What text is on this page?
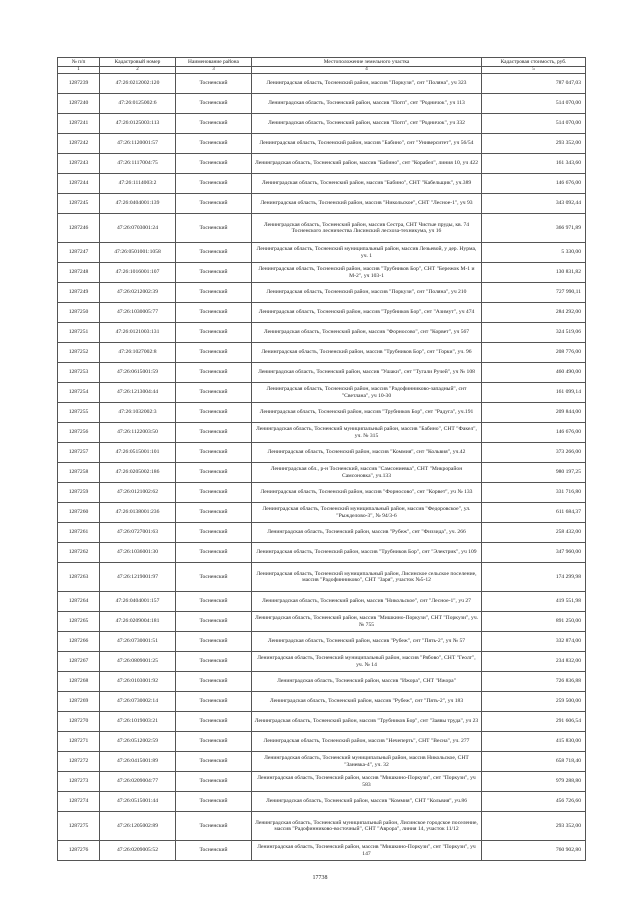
№ п/п	Кадастровый номер	Наименование района	Местоположение земельного участка	Кадастровая стоимость, руб.
1	2	3	4	5
1287239	47:26:0212002:120	Тосненский	Ленинградская область, Тосненский район, массив "Поркузи", снт "Поляна", уч 323	787 047,03
1287240	47:26:0125002:6	Тосненский	Ленинградская область, Тосненский район, массив "Погп", снт "Родничок", уч 113	514 070,00
1287241	47:26:0125003:113	Тосненский	Ленинградская область, Тосненский район, массив "Погп", снт "Родничок", уч 332	514 070,00
1287242	47:26:1120001:57	Тосненский	Ленинградская область, Тосненский район, массив "Бабино", снт "Университет", уч 56/54	293 352,00
1287243	47:26:1117004:75	Тосненский	Ленинградская область, Тосненский район, массив "Бабино", снт "Корабел", линия 10, уч 422	161 343,60
1287244	47:26:1114003:2	Тосненский	Ленинградская область, Тосненский район, массив "Бабино", СНТ "Кабельщик", уч.389	146 676,00
1287245	47:26:0404001:139	Тосненский	Ленинградская область, Тосненский район, массив "Никольское", СНТ "Лесное-1", уч 93	343 092,44
1287246	47:26:0703001:24	Тосненский	Ленинградская область, Тосненский район, массив Сестра, СНТ Чистые пруды, кв. 74 Тосненского лесничества Лисинский лесхоза-техникума, уч 16	366 971,89
1287247	47:26:0501001:1058	Тосненский	Ленинградская область, Тосненский муниципальный район, массив Лезьевой, у дер. Нурма, уч. 1	5 330,00
1287248	47:26:1016001:107	Тосненский	Ленинградская область, Тосненский район, массив "Трубников Бор", СНТ "Бережок М-1 и М-2", уч 103-1	130 831,82
1287249	47:26:0212002:39	Тосненский	Ленинградская область, Тосненский район, массив "Поркузи", снт "Поляна", уч 210	727 990,11
1287250	47:26:1030005:77	Тосненский	Ленинградская область, Тосненский район, массив "Трубников Бор", снт "Азимут", уч 474	284 292,00
1287251	47:26:0121003:131	Тосненский	Ленинградская область, Тосненский район, массив "Форносово", снт "Корвет", уч 567	324 519,06
1287252	47:26:1027002:8	Тосненский	Ленинградская область, Тосненский район, массив "Трубников Бор", снт "Горки", уч. 96	208 776,00
1287253	47:26:0615001:59	Тосненский	Ленинградская область, Тосненский район, массив "Ушаки", снт "Тугали Ручей", уч № 108	460 490,00
1287254	47:26:1213004:44	Тосненский	Ленинградская область, Тосненский район, массив "Радофинниково-западный", снт "Светлана", уч 10-30	161 099,14
1287255	47:26:1032002:3	Тосненский	Ленинградская область, Тосненский район, массив "Трубников Бор", снт "Радуга", уч.191	209 844,00
1287256	47:26:1122003:50	Тосненский	Ленинградская область, Тосненский муниципальный район, массив "Бабино", СНТ "Факел", уч. № 315	146 676,00
1287257	47:26:0515001:101	Тосненский	Ленинградская область, Тосненский район, массив "Коммия", снт "Кольвия", уч.42	373 266,00
1287258	47:26:0205002:186	Тосненский	Ленинградская обл., р-н Тосненский, массив "Самсониевка", СНТ "Микрорайон Самсоновка", уч.133	980 197,25
1287259	47:26:0121002:62	Тосненский	Ленинградская область, Тосненский район, массив "Форносово", снт "Корвет", уч № 133	331 716,80
1287260	47:26:0138001:236	Тосненский	Ленинградская область, Тосненский муниципальный район, массив "Федоровское", ул. "Рыжделово-3", № 94/3-6	611 684,37
1287261	47:26:0727001:63	Тосненский	Ленинградская область, Тосненский район, массив "Рубеж", снт "Физзида", уч. 266	258 432,00
1287262	47:26:1036001:30	Тосненский	Ленинградская область, Тосненский район, массив "Трубников Бор", снт "Электрик", уч 109	347 960,00
1287263	47:26:1219001:97	Тосненский	Ленинградская область, Тосненский муниципальный район, Лисинское сельское поселение, массив "Радофинниково", СНТ "Заря", участок №5-12	174 299,98
1287264	47:26:0404001:157	Тосненский	Ленинградская область, Тосненский район, массив "Никольское", снт "Лесное-1", уч 27	419 551,98
1287265	47:26:0209004:181	Тосненский	Ленинградская область, Тосненский район, массив "Мишкино-Поркузи", СНТ "Поркузи", уч. № 755	891 250,00
1287266	47:26:0730001:51	Тосненский	Ленинградская область, Тосненский район, массив "Рубеж", снт "Пять-2", уч № 57	332 874,00
1287267	47:26:0809001:25	Тосненский	Ленинградская область, Тосненский муниципальный район, массив "Рябово", СНТ "Геолг", уч. № 14	234 832,00
1287268	47:26:0103001:92	Тосненский	Ленинградская область, Тосненский район, массив "Ижора", СНТ "Ижора"	726 836,88
1287269	47:26:0730002:14	Тосненский	Ленинградская область, Тосненский район, массив "Рубеж", снт "Пять-2", уч 183	259 500,00
1287270	47:26:1019003:21	Тосненский	Ленинградская область, Тосненский район, массив "Трубников Бор", снт "Заявы труда", уч 23	291 606,54
1287271	47:26:0512002:59	Тосненский	Ленинградская область, Тосненский район, массив "Нечеперть", СНТ "Весна", уч. 277	415 830,00
1287272	47:26:0415001:89	Тосненский	Ленинградская область, Тосненский муниципальный район, массив Никольское, СНТ "Заневка-4", уч. 32	658 718,40
1287273	47:26:0209004:77	Тосненский	Ленинградская область, Тосненский район, массив "Мишкино-Поркузи", снт "Поркузи", уч 583	979 288,80
1287274	47:26:0515001:44	Тосненский	Ленинградская область, Тосненский район, массив "Коммия", СНТ "Кольвия", уч.86	456 726,60
1287275	47:26:1205002:89	Тосненский	Ленинградская область, Тосненский муниципальный район, Лисинское городское поселение, массив "Радофинниково-восточный", СНТ "Аврора", линия 14, участок 11/12	293 352,00
1287276	47:26:0209005:52	Тосненский	Ленинградская область, Тосненский район, массив "Мишкино-Поркузи", снт "Поркузи", уч 147	760 902,80
17738
